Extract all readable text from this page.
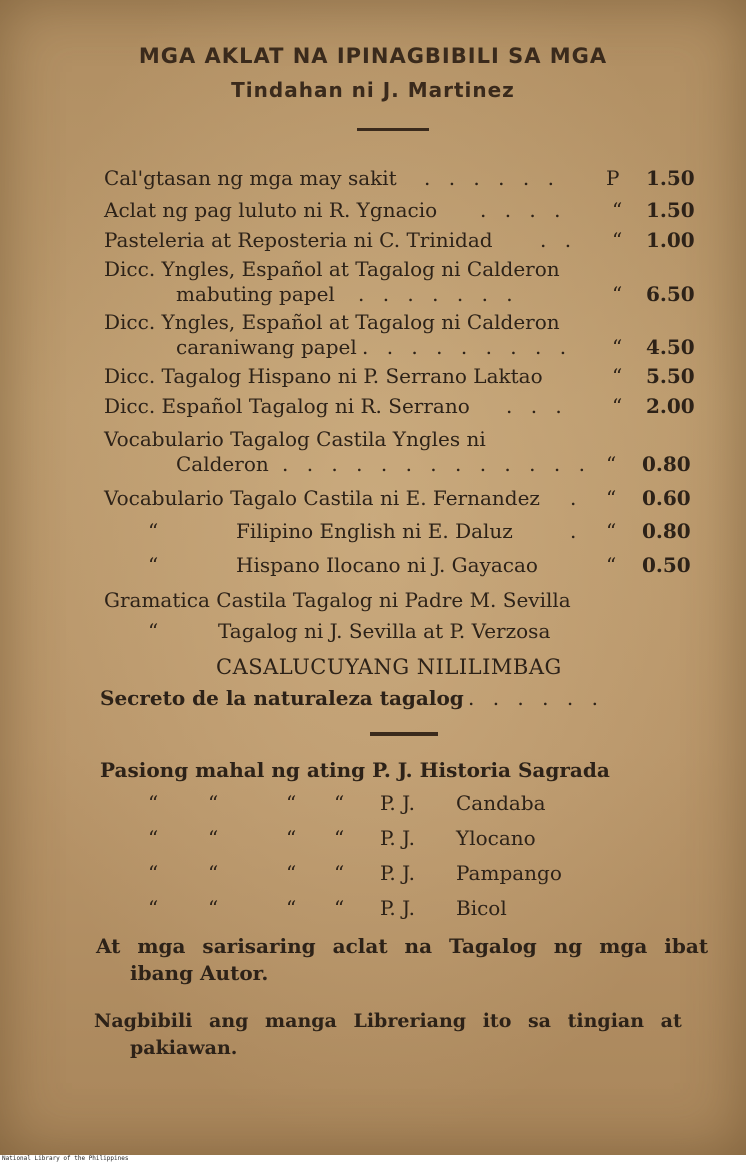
MGA AKLAT NA IPINAGBIBILI SA MGA
Tindahan ni J. Martinez
Cal'gtasan ng mga may sakit . . . . . . P 1.50
Aclat ng pag luluto ni R. Ygnacio . . . . “ 1.50
Pasteleria at Reposteria ni C. Trinidad . . “ 1.00
Dicc. Yngles, Español at Tagalog ni Calderon
mabuting papel . . . . . . .	“ 6.50
Dicc. Yngles, Español at Tagalog ni Calderon
caraniwang papel . . . . . . . . . “ 4.50
Dicc. Tagalog Hispano ni P. Serrano Laktao	“ 5.50
Dicc. Español Tagalog ni R. Serrano . . . “ 2.00
Vocabulario Tagalog Castila Yngles ni
Calderon . . . . . . . . . . . . . “ 0.80
Vocabulario Tagalo Castila ni E. Fernandez . “ 0.60
“	Filipino English ni E. Daluz	. “ 0.80
“	Hispano Ilocano ni J. Gayacao	“ 0.50
Gramatica Castila Tagalog ni Padre M. Sevilla
“	Tagalog ni J. Sevilla at P. Verzosa
CASALUCUYANG NILILIMBAG
Secreto de la naturaleza tagalog . . . . . .
Pasiong mahal ng ating P. J. Historia Sagrada
“ “	“ “ P. J. Candaba
“ “	“ “ P. J. Ylocano
“ “	“ “ P. J. Pampango
“ “	“ “ P. J. Bicol
At mga sarisaring aclat na Tagalog ng mga ibat
ibang Autor.
Nagbibili ang manga Libreriang ito sa tingian at
pakiawan.
National Library of the Philippines
